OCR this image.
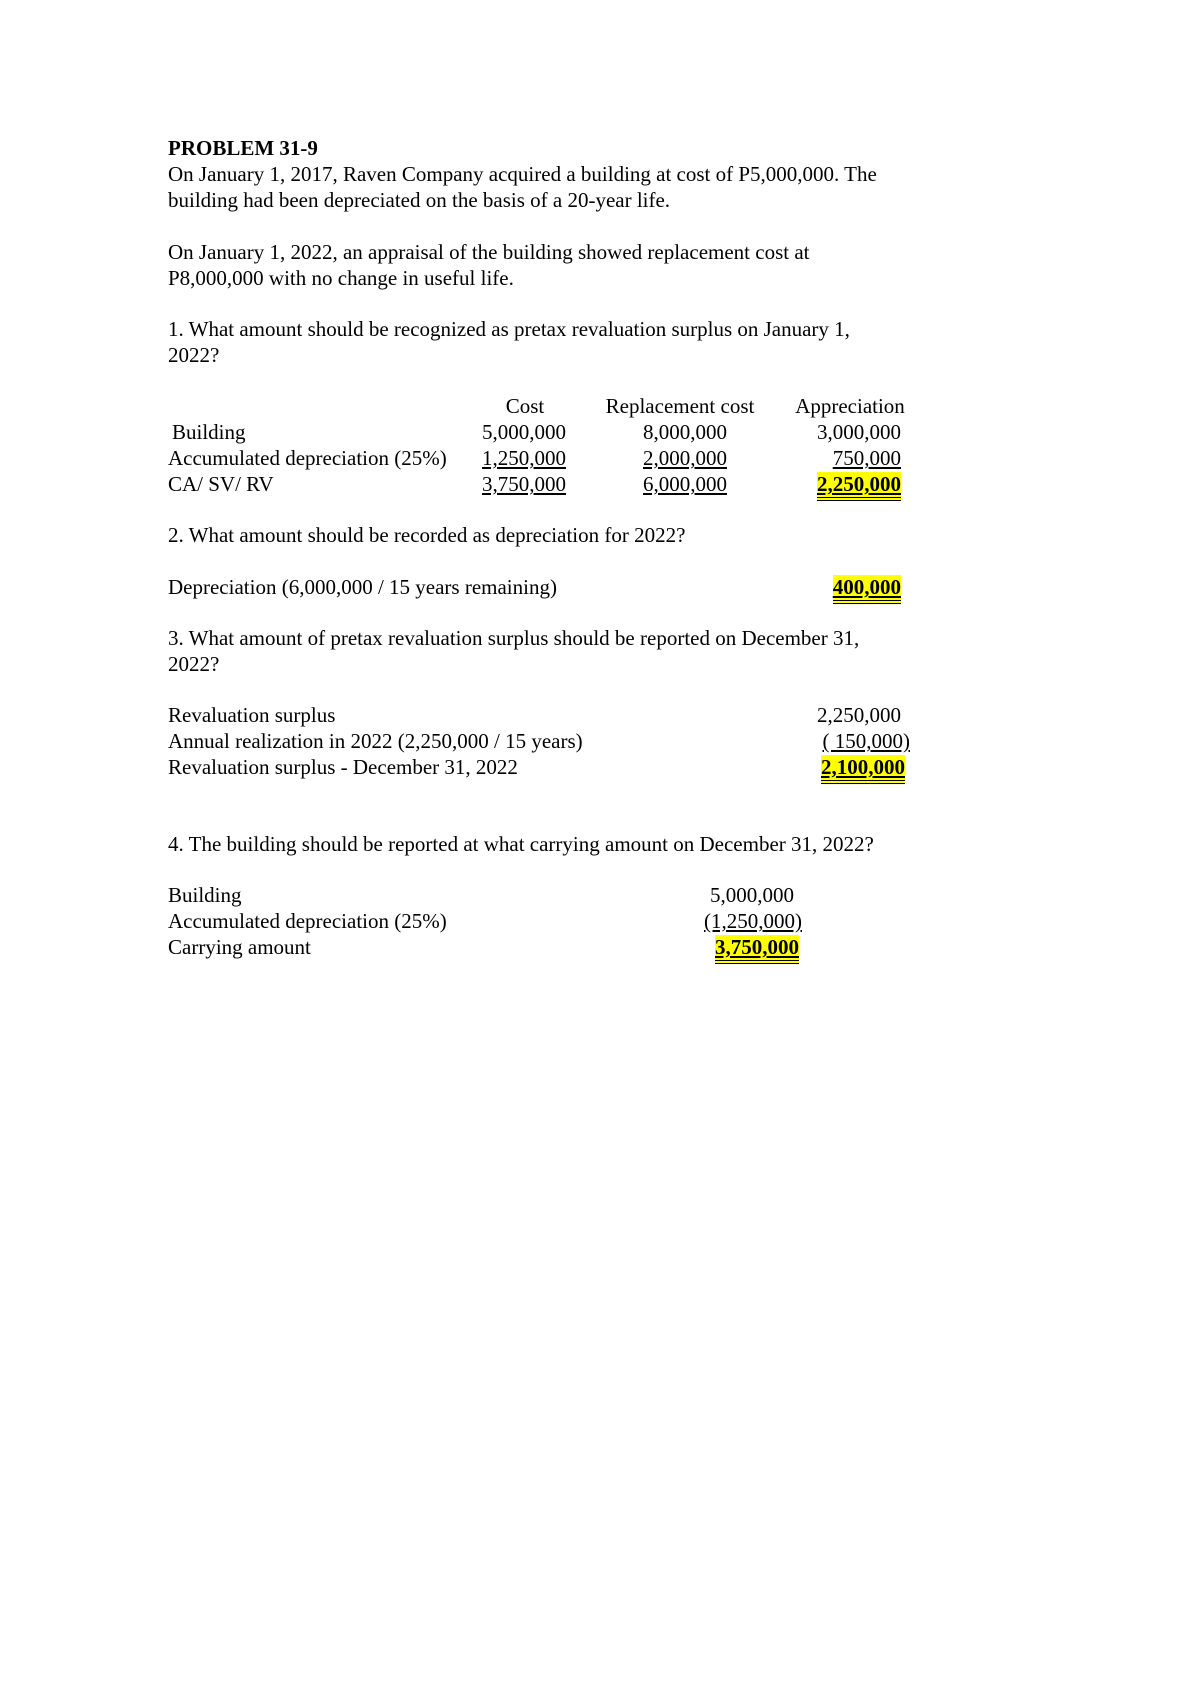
PROBLEM 31-9
On January 1, 2017, Raven Company acquired a building at cost of P5,000,000. The
building had been depreciated on the basis of a 20-year life.
On January 1, 2022, an appraisal of the building showed replacement cost at
P8,000,000 with no change in useful life.
1. What amount should be recognized as pretax revaluation surplus on January 1,
2022?
Cost	Replacement cost	Appreciation
Building	5,000,000	8,000,000	3,000,000
Accumulated depreciation (25%)	1,250,000	2,000,000	750,000
CA/ SV/ RV	3,750,000	6,000,000	2,250,000
2. What amount should be recorded as depreciation for 2022?
Depreciation (6,000,000 / 15 years remaining)	400,000
3. What amount of pretax revaluation surplus should be reported on December 31,
2022?
Revaluation surplus	2,250,000
Annual realization in 2022 (2,250,000 / 15 years)	( 150,000)
Revaluation surplus - December 31, 2022	2,100,000
4. The building should be reported at what carrying amount on December 31, 2022?
Building	5,000,000
Accumulated depreciation (25%)	(1,250,000)
Carrying amount	3,750,000
